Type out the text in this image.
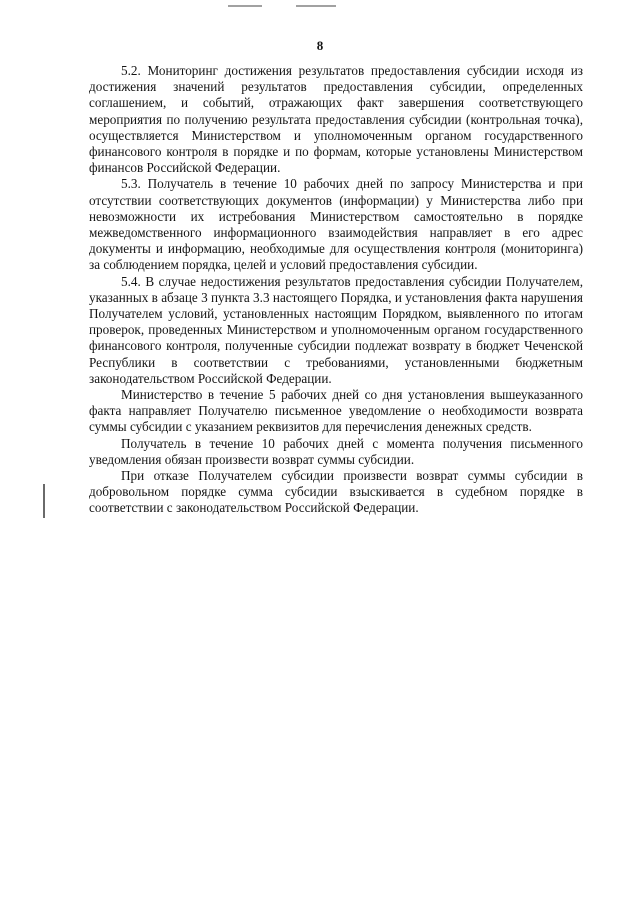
8

5.2. Мониторинг достижения результатов предоставления субсидии исходя из достижения значений результатов предоставления субсидии, определенных соглашением, и событий, отражающих факт завершения соответствующего мероприятия по получению результата предоставления субсидии (контрольная точка), осуществляется Министерством и уполномоченным органом государственного финансового контроля в порядке и по формам, которые установлены Министерством финансов Российской Федерации.

5.3. Получатель в течение 10 рабочих дней по запросу Министерства и при отсутствии соответствующих документов (информации) у Министерства либо при невозможности их истребования Министерством самостоятельно в порядке межведомственного информационного взаимодействия направляет в его адрес документы и информацию, необходимые для осуществления контроля (мониторинга) за соблюдением порядка, целей и условий предоставления субсидии.

5.4. В случае недостижения результатов предоставления субсидии Получателем, указанных в абзаце 3 пункта 3.3 настоящего Порядка, и установления факта нарушения Получателем условий, установленных настоящим Порядком, выявленного по итогам проверок, проведенных Министерством и уполномоченным органом государственного финансового контроля, полученные субсидии подлежат возврату в бюджет Чеченской Республики в соответствии с требованиями, установленными бюджетным законодательством Российской Федерации.

Министерство в течение 5 рабочих дней со дня установления вышеуказанного факта направляет Получателю письменное уведомление о необходимости возврата суммы субсидии с указанием реквизитов для перечисления денежных средств.

Получатель в течение 10 рабочих дней с момента получения письменного уведомления обязан произвести возврат суммы субсидии.

При отказе Получателем субсидии произвести возврат суммы субсидии в добровольном порядке сумма субсидии взыскивается в судебном порядке в соответствии с законодательством Российской Федерации.
